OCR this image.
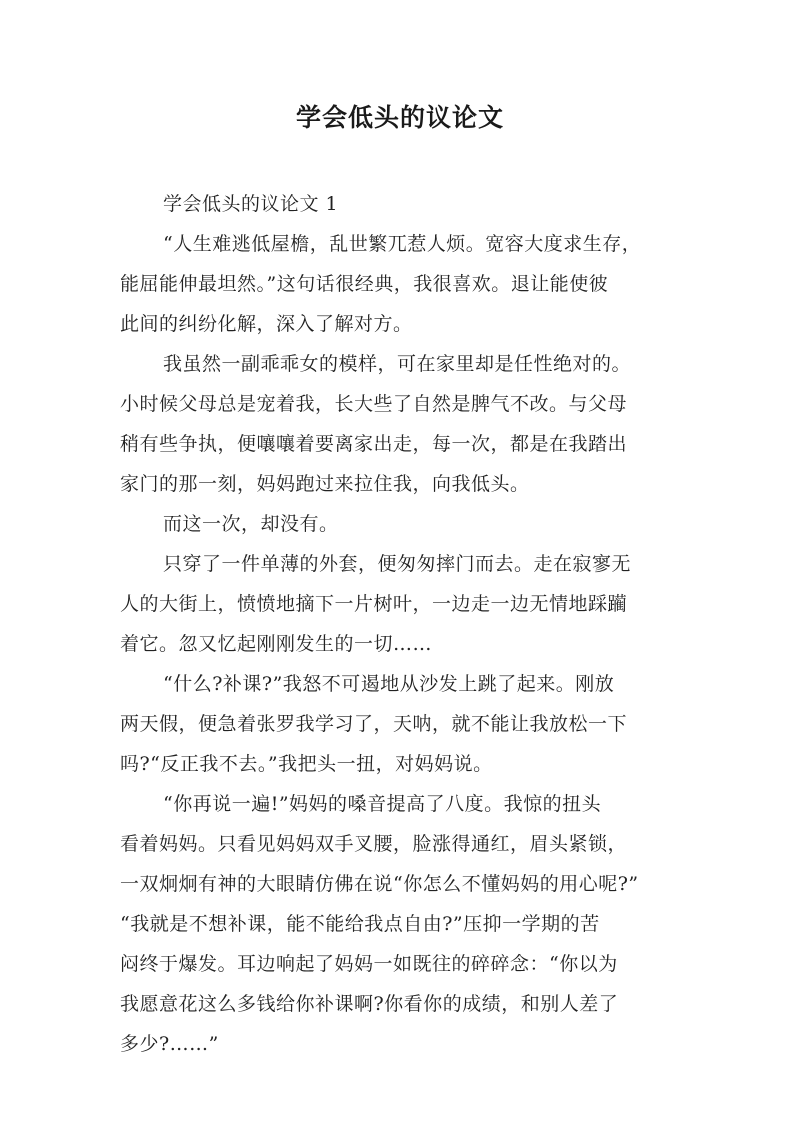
学会低头的议论文

学会低头的议论文 1

“人生难逃低屋檐，乱世繁兀惹人烦。宽容大度求生存，

能屈能伸最坦然。”这句话很经典，我很喜欢。退让能使彼

此间的纠纷化解，深入了解对方。

我虽然一副乖乖女的模样，可在家里却是任性绝对的。

小时候父母总是宠着我，长大些了自然是脾气不改。与父母

稍有些争执，便嚷嚷着要离家出走，每一次，都是在我踏出

家门的那一刻，妈妈跑过来拉住我，向我低头。

而这一次，却没有。

只穿了一件单薄的外套，便匆匆摔门而去。走在寂寥无

人的大街上，愤愤地摘下一片树叶，一边走一边无情地踩躏

着它。忽又忆起刚刚发生的一切……

“什么?补课?”我怒不可遏地从沙发上跳了起来。刚放

两天假，便急着张罗我学习了，天呐，就不能让我放松一下

吗?“反正我不去。”我把头一扭，对妈妈说。

“你再说一遍!”妈妈的嗓音提高了八度。我惊的扭头

看着妈妈。只看见妈妈双手叉腰，脸涨得通红，眉头紧锁，

一双炯炯有神的大眼睛仿佛在说“你怎么不懂妈妈的用心呢?”

“我就是不想补课，能不能给我点自由?”压抑一学期的苦

闷终于爆发。耳边响起了妈妈一如既往的碎碎念：“你以为

我愿意花这么多钱给你补课啊?你看你的成绩，和别人差了

多少?……”
